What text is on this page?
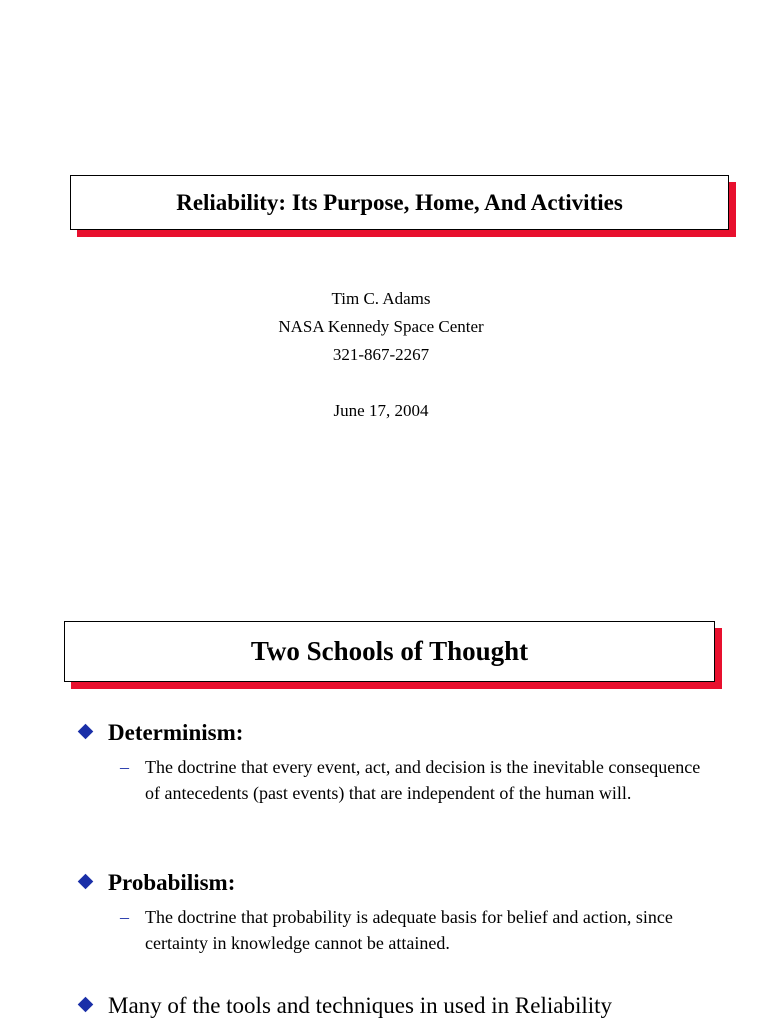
Reliability: Its Purpose, Home, And Activities
Tim C. Adams
NASA Kennedy Space Center
321-867-2267
June 17, 2004
Two Schools of Thought
Determinism:
– The doctrine that every event, act, and decision is the inevitable consequence of antecedents (past events) that are independent of the human will.
Probabilism:
– The doctrine that probability is adequate basis for belief and action, since certainty in knowledge cannot be attained.
Many of the tools and techniques in used in Reliability
